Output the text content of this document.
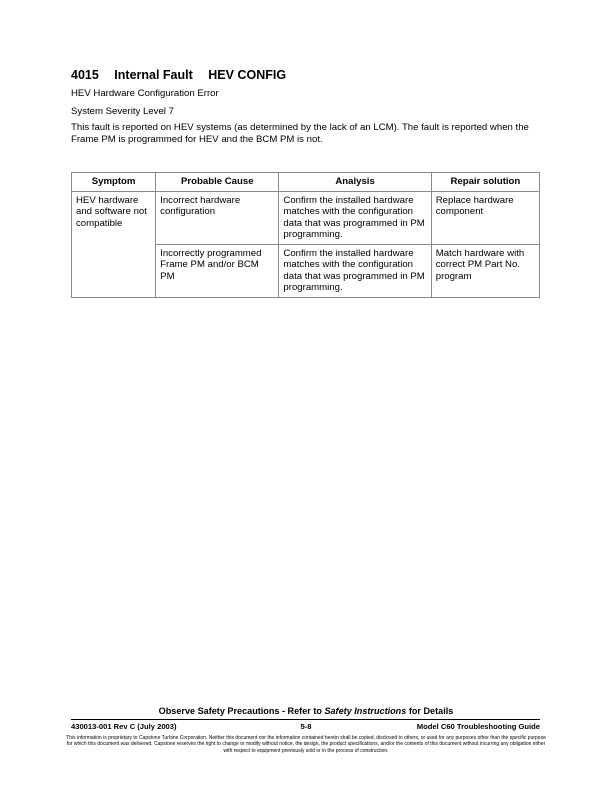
4015 Internal Fault HEV CONFIG
HEV Hardware Configuration Error
System Severity Level 7
This fault is reported on HEV systems (as determined by the lack of an LCM). The fault is reported when the Frame PM is programmed for HEV and the BCM PM is not.
Symptom	Probable Cause	Analysis	Repair solution
HEV hardware and software not compatible	Incorrect hardware configuration	Confirm the installed hardware matches with the configuration data that was programmed in PM programming.	Replace hardware component
	Incorrectly programmed Frame PM and/or BCM PM	Confirm the installed hardware matches with the configuration data that was programmed in PM programming.	Match hardware with correct PM Part No. program
Observe Safety Precautions - Refer to Safety Instructions for Details
430013-001 Rev C (July 2003)	5-8	Model C60 Troubleshooting Guide
This information is proprietary to Capstone Turbine Corporation. Neither this document nor the information contained herein shall be copied, disclosed to others, or used for any purposes other than the specific purpose for which this document was delivered. Capstone reserves the right to change or modify without notice, the design, the product specifications, and/or the contents of this document without incurring any obligation either with respect to equipment previously sold or in the process of construction.
